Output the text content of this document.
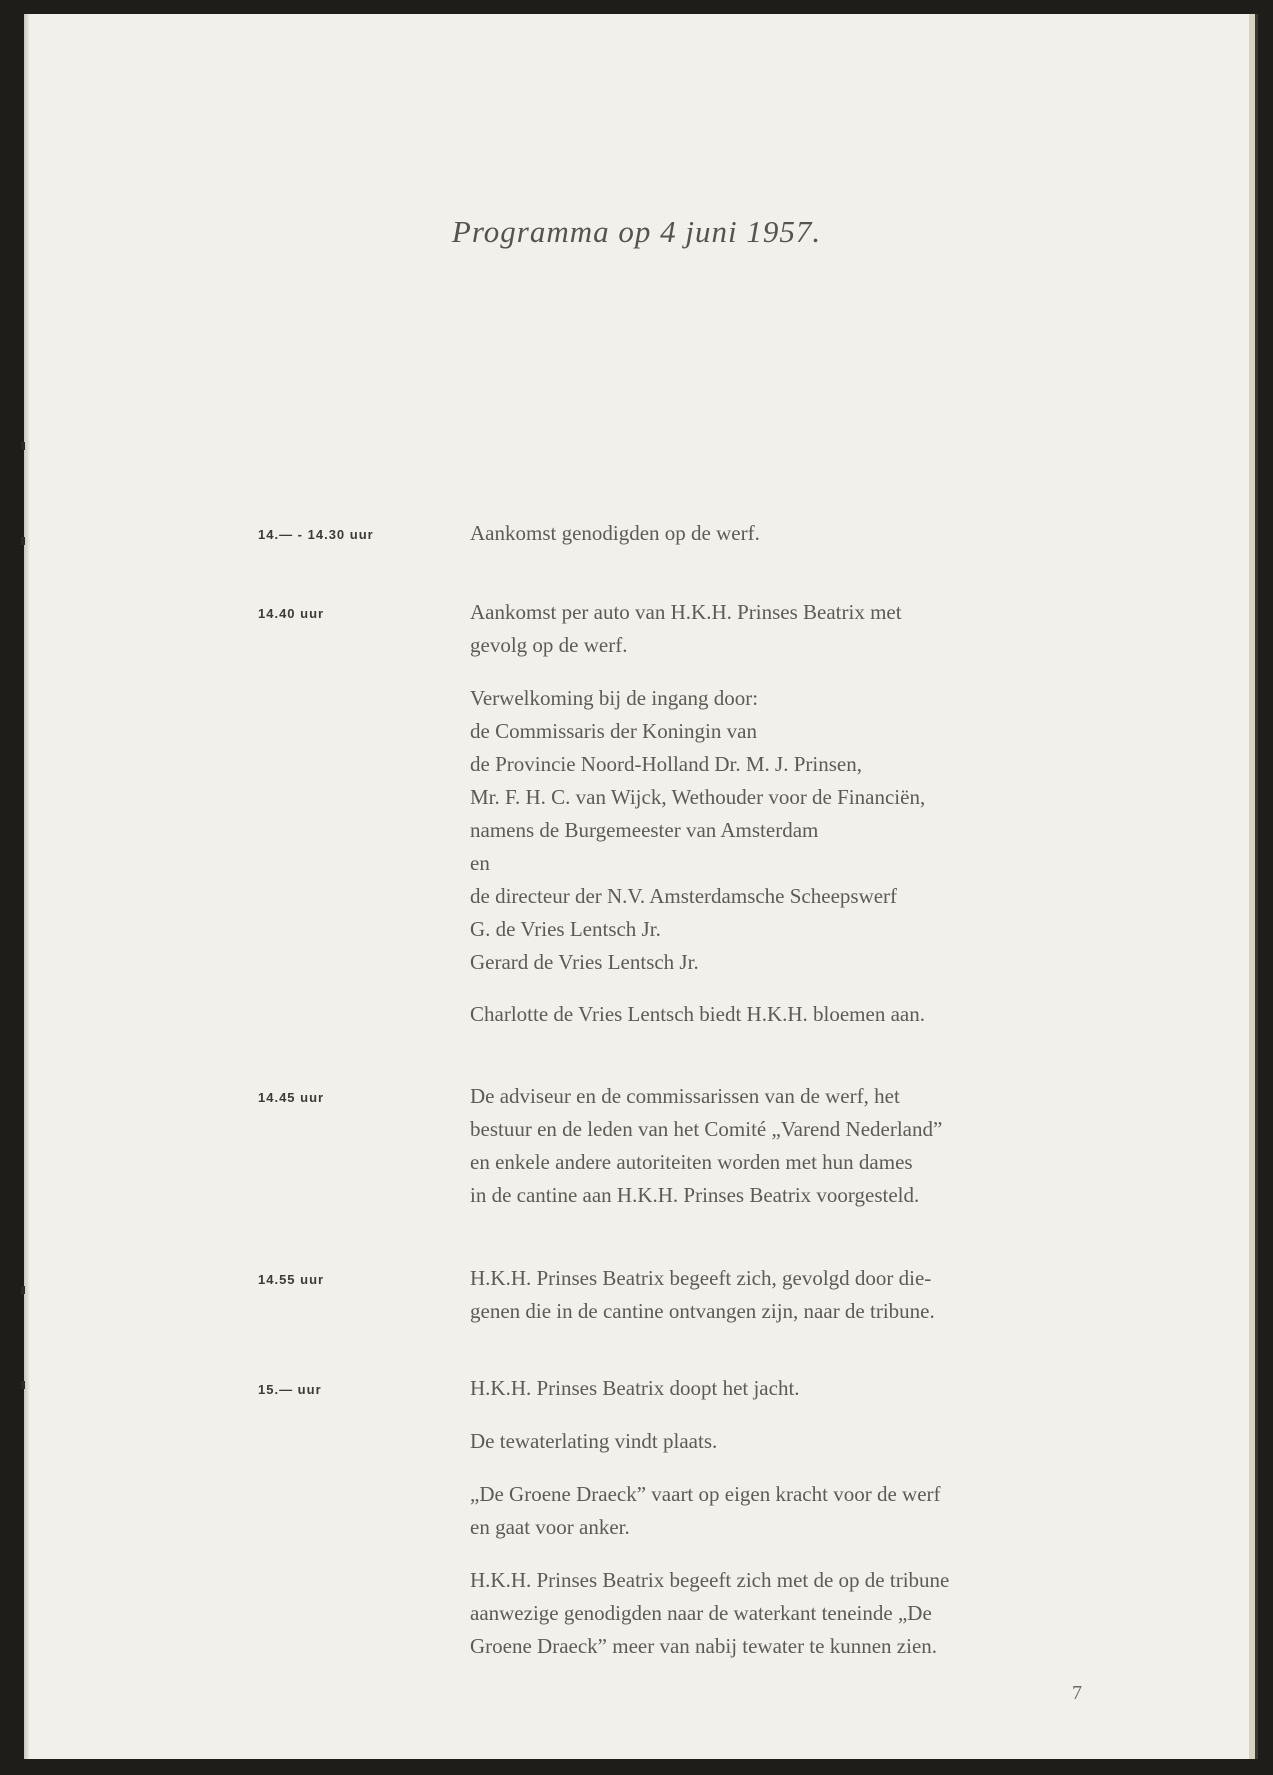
Programma op 4 juni 1957.
14.— - 14.30 uur	Aankomst genodigden op de werf.
14.40 uur	Aankomst per auto van H.K.H. Prinses Beatrix met
gevolg op de werf.
Verwelkoming bij de ingang door:
de Commissaris der Koningin van
de Provincie Noord-Holland Dr. M. J. Prinsen,
Mr. F. H. C. van Wijck, Wethouder voor de Financiën,
namens de Burgemeester van Amsterdam
en
de directeur der N.V. Amsterdamsche Scheepswerf
G. de Vries Lentsch Jr.
Gerard de Vries Lentsch Jr.
Charlotte de Vries Lentsch biedt H.K.H. bloemen aan.
14.45 uur	De adviseur en de commissarissen van de werf, het
bestuur en de leden van het Comité „Varend Nederland”
en enkele andere autoriteiten worden met hun dames
in de cantine aan H.K.H. Prinses Beatrix voorgesteld.
14.55 uur	H.K.H. Prinses Beatrix begeeft zich, gevolgd door die-
genen die in de cantine ontvangen zijn, naar de tribune.
15.— uur	H.K.H. Prinses Beatrix doopt het jacht.
De tewaterlating vindt plaats.
„De Groene Draeck” vaart op eigen kracht voor de werf
en gaat voor anker.
H.K.H. Prinses Beatrix begeeft zich met de op de tribune
aanwezige genodigden naar de waterkant teneinde „De
Groene Draeck” meer van nabij tewater te kunnen zien.
7
